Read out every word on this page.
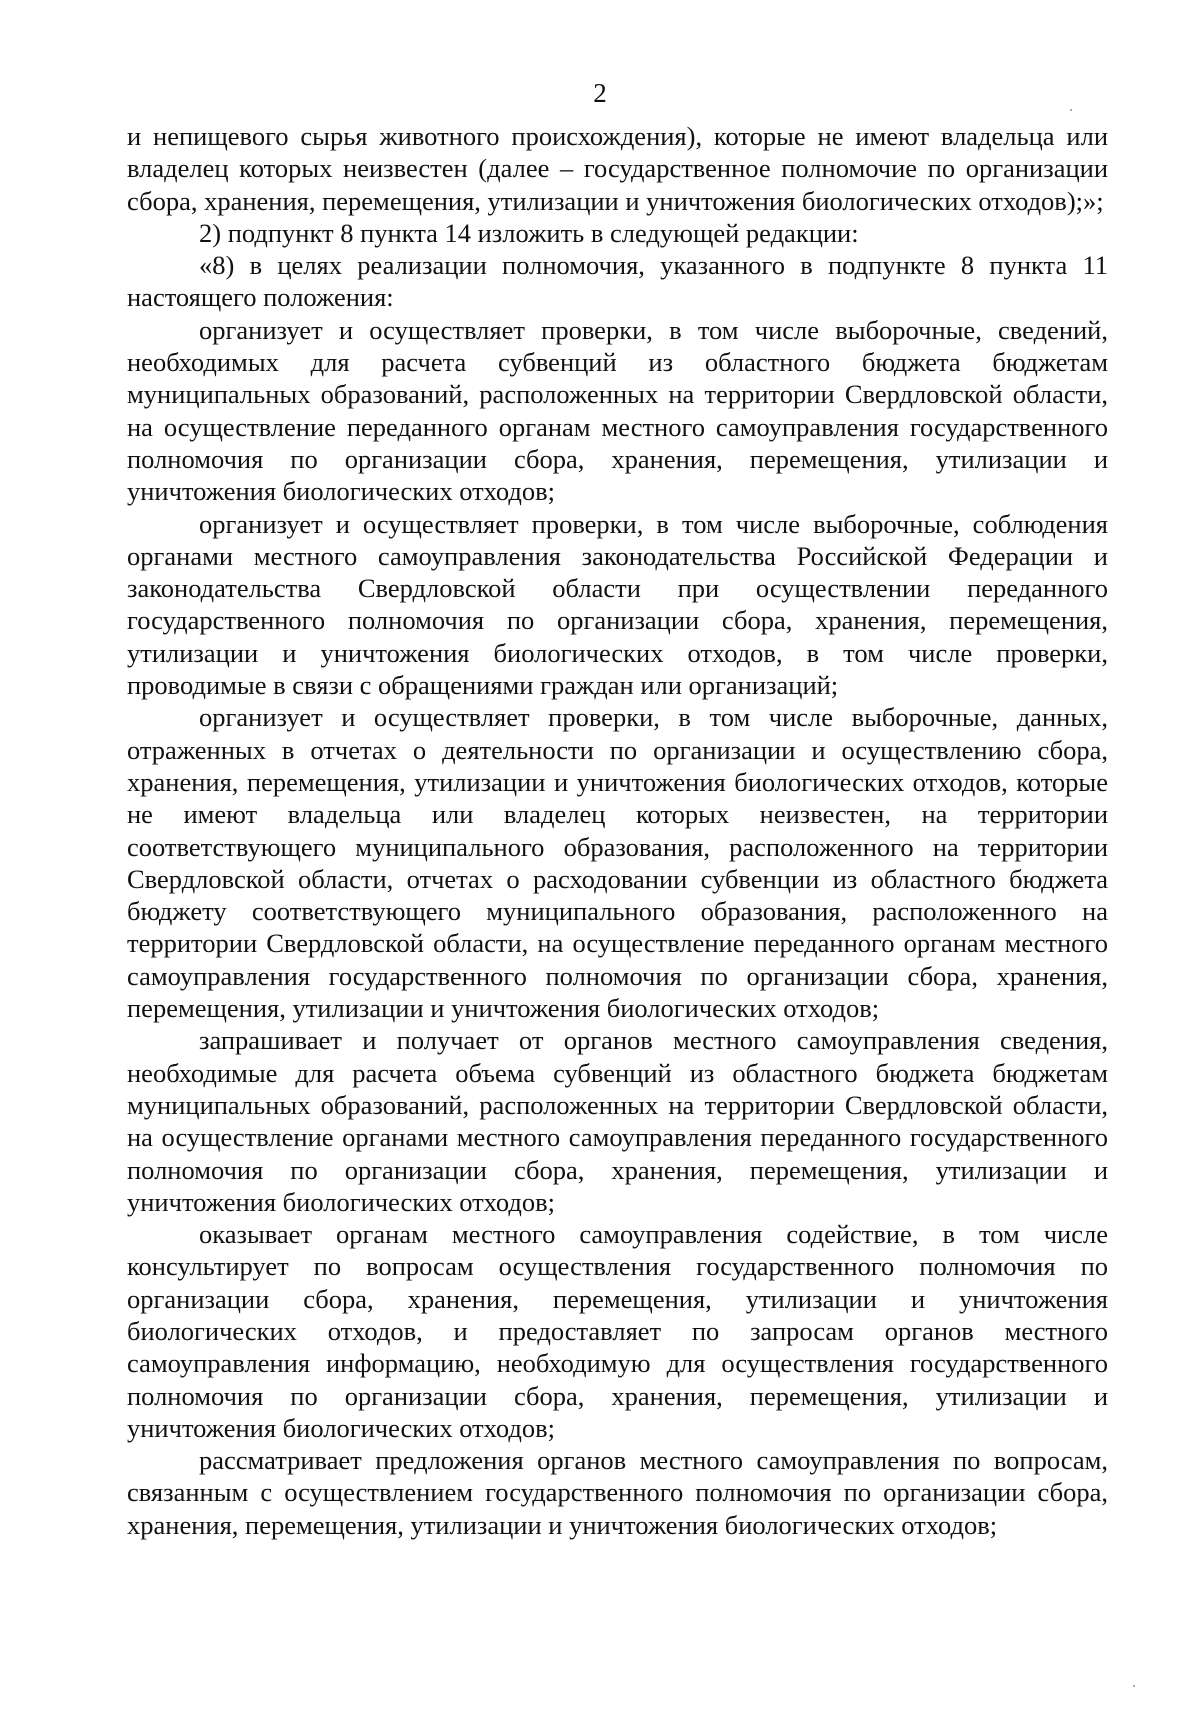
2

и непищевого сырья животного происхождения), которые не имеют владельца или владелец которых неизвестен (далее – государственное полномочие по организации сбора, хранения, перемещения, утилизации и уничтожения биологических отходов);»;

2) подпункт 8 пункта 14 изложить в следующей редакции:

«8) в целях реализации полномочия, указанного в подпункте 8 пункта 11 настоящего положения:

организует и осуществляет проверки, в том числе выборочные, сведений, необходимых для расчета субвенций из областного бюджета бюджетам муниципальных образований, расположенных на территории Свердловской области, на осуществление переданного органам местного самоуправления государственного полномочия по организации сбора, хранения, перемещения, утилизации и уничтожения биологических отходов;

организует и осуществляет проверки, в том числе выборочные, соблюдения органами местного самоуправления законодательства Российской Федерации и законодательства Свердловской области при осуществлении переданного государственного полномочия по организации сбора, хранения, перемещения, утилизации и уничтожения биологических отходов, в том числе проверки, проводимые в связи с обращениями граждан или организаций;

организует и осуществляет проверки, в том числе выборочные, данных, отраженных в отчетах о деятельности по организации и осуществлению сбора, хранения, перемещения, утилизации и уничтожения биологических отходов, которые не имеют владельца или владелец которых неизвестен, на территории соответствующего муниципального образования, расположенного на территории Свердловской области, отчетах о расходовании субвенции из областного бюджета бюджету соответствующего муниципального образования, расположенного на территории Свердловской области, на осуществление переданного органам местного самоуправления государственного полномочия по организации сбора, хранения, перемещения, утилизации и уничтожения биологических отходов;

запрашивает и получает от органов местного самоуправления сведения, необходимые для расчета объема субвенций из областного бюджета бюджетам муниципальных образований, расположенных на территории Свердловской области, на осуществление органами местного самоуправления переданного государственного полномочия по организации сбора, хранения, перемещения, утилизации и уничтожения биологических отходов;

оказывает органам местного самоуправления содействие, в том числе консультирует по вопросам осуществления государственного полномочия по организации сбора, хранения, перемещения, утилизации и уничтожения биологических отходов, и предоставляет по запросам органов местного самоуправления информацию, необходимую для осуществления государственного полномочия по организации сбора, хранения, перемещения, утилизации и уничтожения биологических отходов;

рассматривает предложения органов местного самоуправления по вопросам, связанным с осуществлением государственного полномочия по организации сбора, хранения, перемещения, утилизации и уничтожения биологических отходов;
